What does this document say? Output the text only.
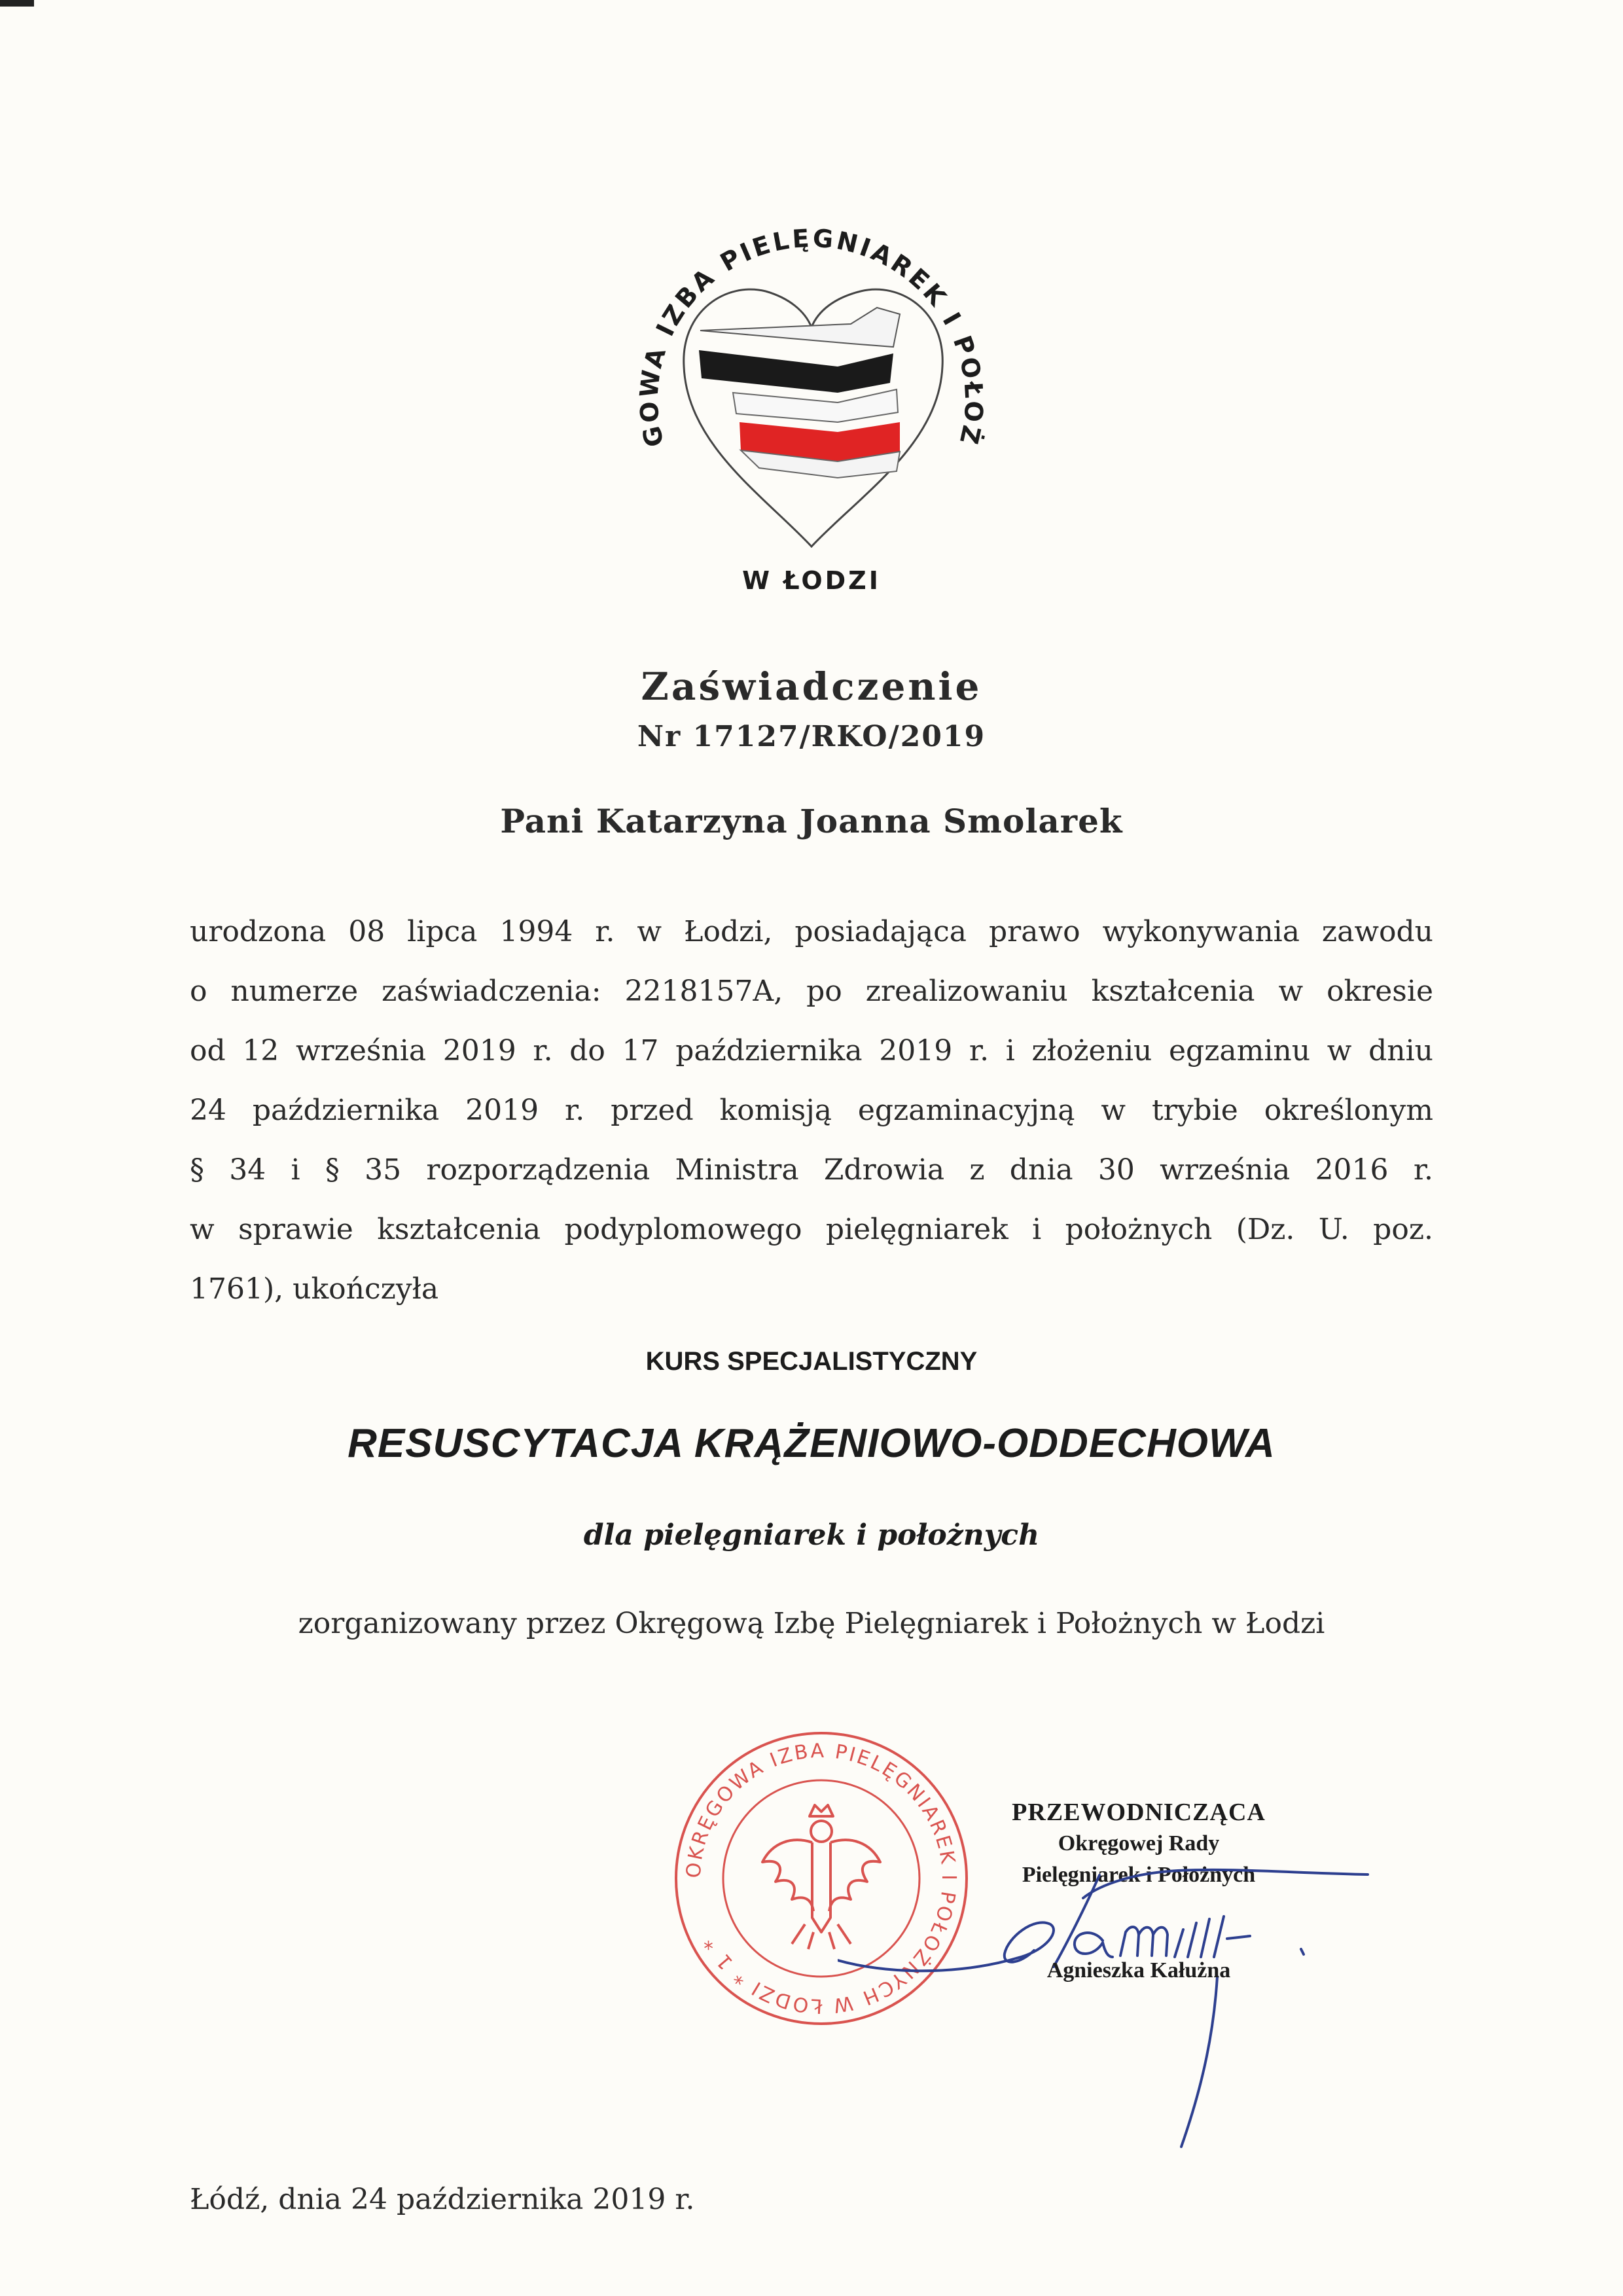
GOWA IZBA PIELĘGNIAREK I POŁOŻ
W ŁODZI
Zaświadczenie
Nr 17127/RKO/2019
Pani Katarzyna Joanna Smolarek
urodzona 08 lipca 1994 r. w Łodzi, posiadająca prawo wykonywania zawodu
o numerze zaświadczenia: 2218157A, po zrealizowaniu kształcenia w okresie
od 12 września 2019 r. do 17 października 2019 r. i złożeniu egzaminu w dniu
24 października 2019 r. przed komisją egzaminacyjną w trybie określonym
§ 34 i § 35 rozporządzenia Ministra Zdrowia z dnia 30 września 2016 r.
w sprawie kształcenia podyplomowego pielęgniarek i położnych (Dz. U. poz.
1761), ukończyła
KURS SPECJALISTYCZNY
RESUSCYTACJA KRĄŻENIOWO-ODDECHOWA
dla pielęgniarek i położnych
zorganizowany przez Okręgową Izbę Pielęgniarek i Położnych w Łodzi
OKRĘGOWA IZBA PIELĘGNIAREK I POŁOŻNYCH W ŁODZI * 1 *
PRZEWODNICZĄCA
Okręgowej Rady
Pielęgniarek i Położnych
Agnieszka Kałużna
Łódź, dnia 24 października 2019 r.
